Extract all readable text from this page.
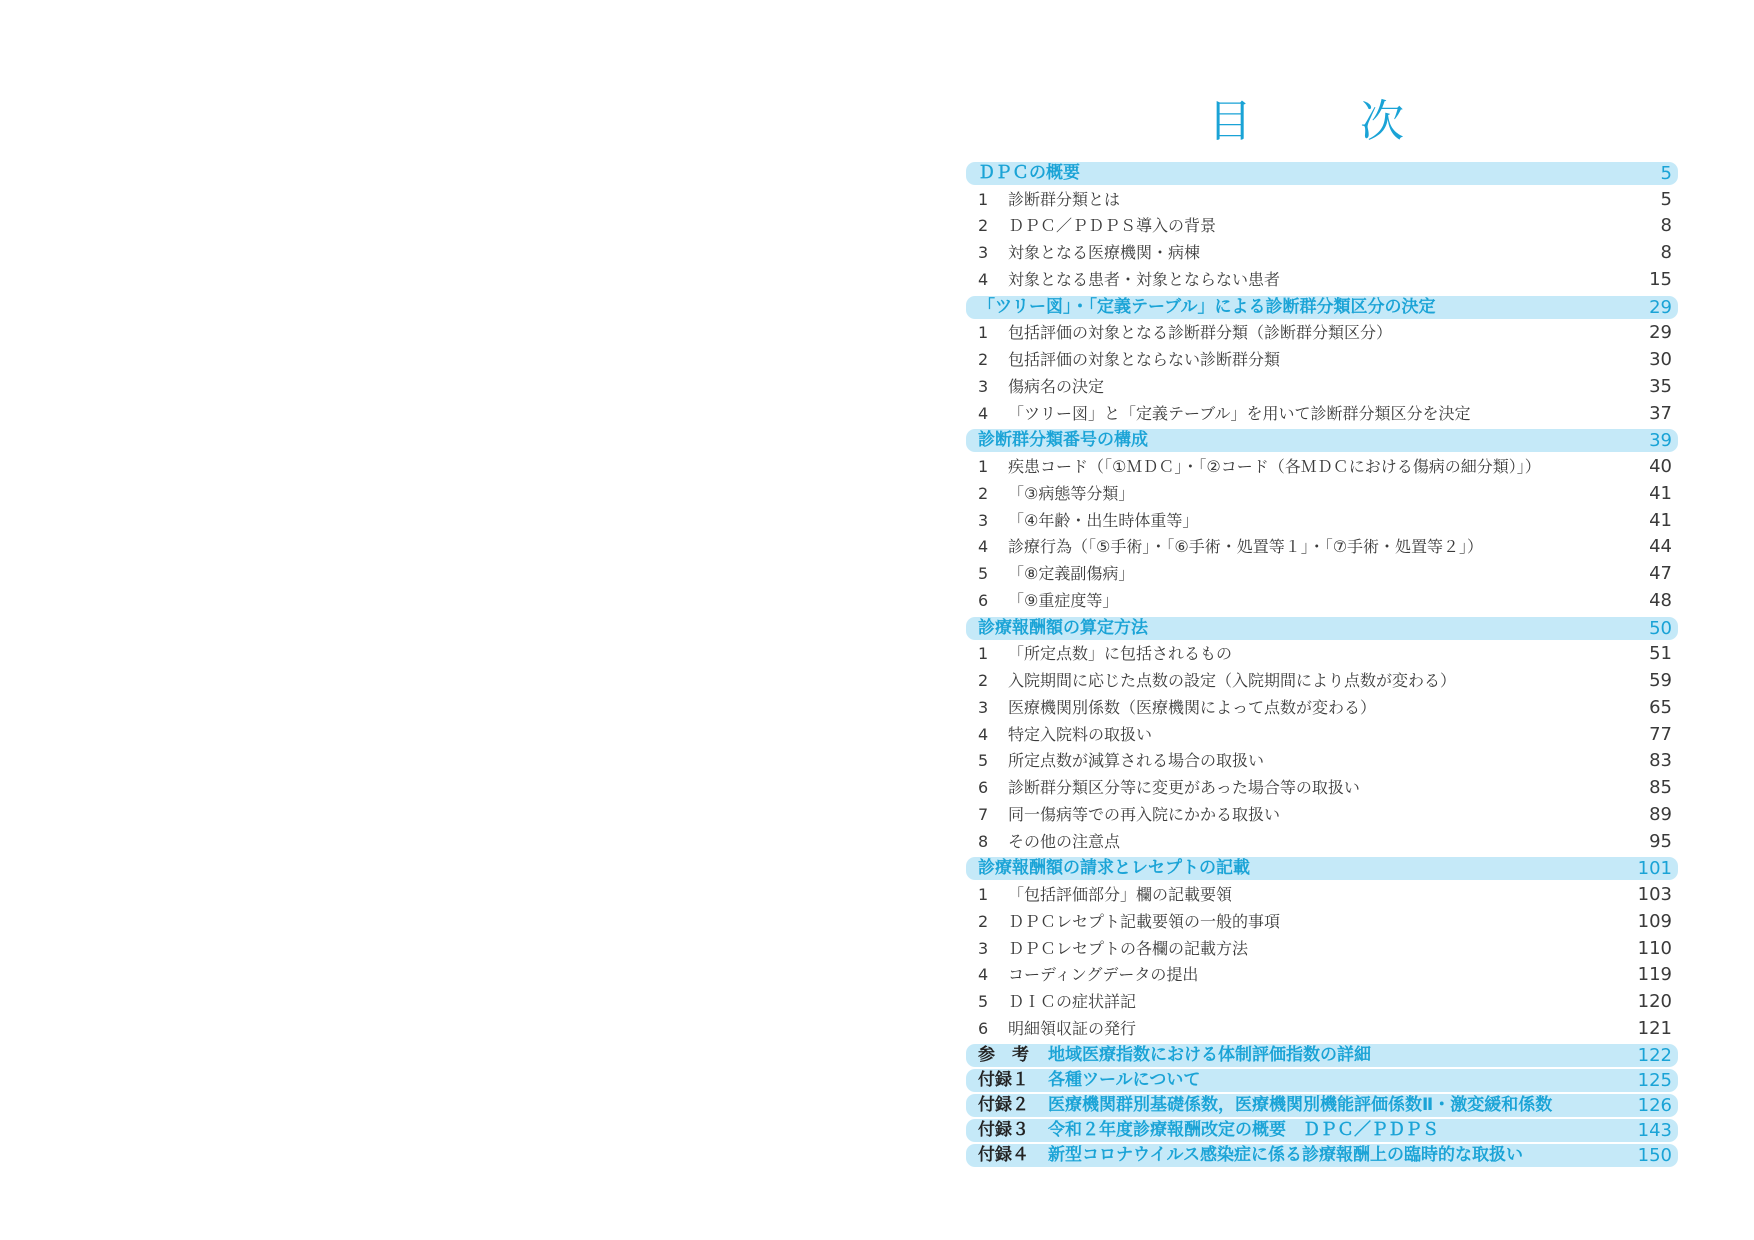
目　次
ＤＰＣの概要	5
1 診断群分類とは	5
2 ＤＰＣ／ＰＤＰＳ導入の背景	8
3 対象となる医療機関・病棟	8
4 対象となる患者・対象とならない患者	15
「ツリー図」・「定義テーブル」による診断群分類区分の決定	29
1 包括評価の対象となる診断群分類（診断群分類区分）	29
2 包括評価の対象とならない診断群分類	30
3 傷病名の決定	35
4 「ツリー図」と「定義テーブル」を用いて診断群分類区分を決定	37
診断群分類番号の構成	39
1 疾患コード（「①ＭＤＣ」・「②コード（各ＭＤＣにおける傷病の細分類）」）	40
2 「③病態等分類」	41
3 「④年齢・出生時体重等」	41
4 診療行為（「⑤手術」・「⑥手術・処置等１」・「⑦手術・処置等２」）	44
5 「⑧定義副傷病」	47
6 「⑨重症度等」	48
診療報酬額の算定方法	50
1 「所定点数」に包括されるもの	51
2 入院期間に応じた点数の設定（入院期間により点数が変わる）	59
3 医療機関別係数（医療機関によって点数が変わる）	65
4 特定入院料の取扱い	77
5 所定点数が減算される場合の取扱い	83
6 診断群分類区分等に変更があった場合等の取扱い	85
7 同一傷病等での再入院にかかる取扱い	89
8 その他の注意点	95
診療報酬額の請求とレセプトの記載	101
1 「包括評価部分」欄の記載要領	103
2 ＤＰＣレセプト記載要領の一般的事項	109
3 ＤＰＣレセプトの各欄の記載方法	110
4 コーディングデータの提出	119
5 ＤＩＣの症状詳記	120
6 明細領収証の発行	121
参　考 地域医療指数における体制評価指数の詳細	122
付録１ 各種ツールについて	125
付録２ 医療機関群別基礎係数，医療機関別機能評価係数Ⅱ・激変緩和係数	126
付録３ 令和２年度診療報酬改定の概要　ＤＰＣ／ＰＤＰＳ	143
付録４ 新型コロナウイルス感染症に係る診療報酬上の臨時的な取扱い	150
